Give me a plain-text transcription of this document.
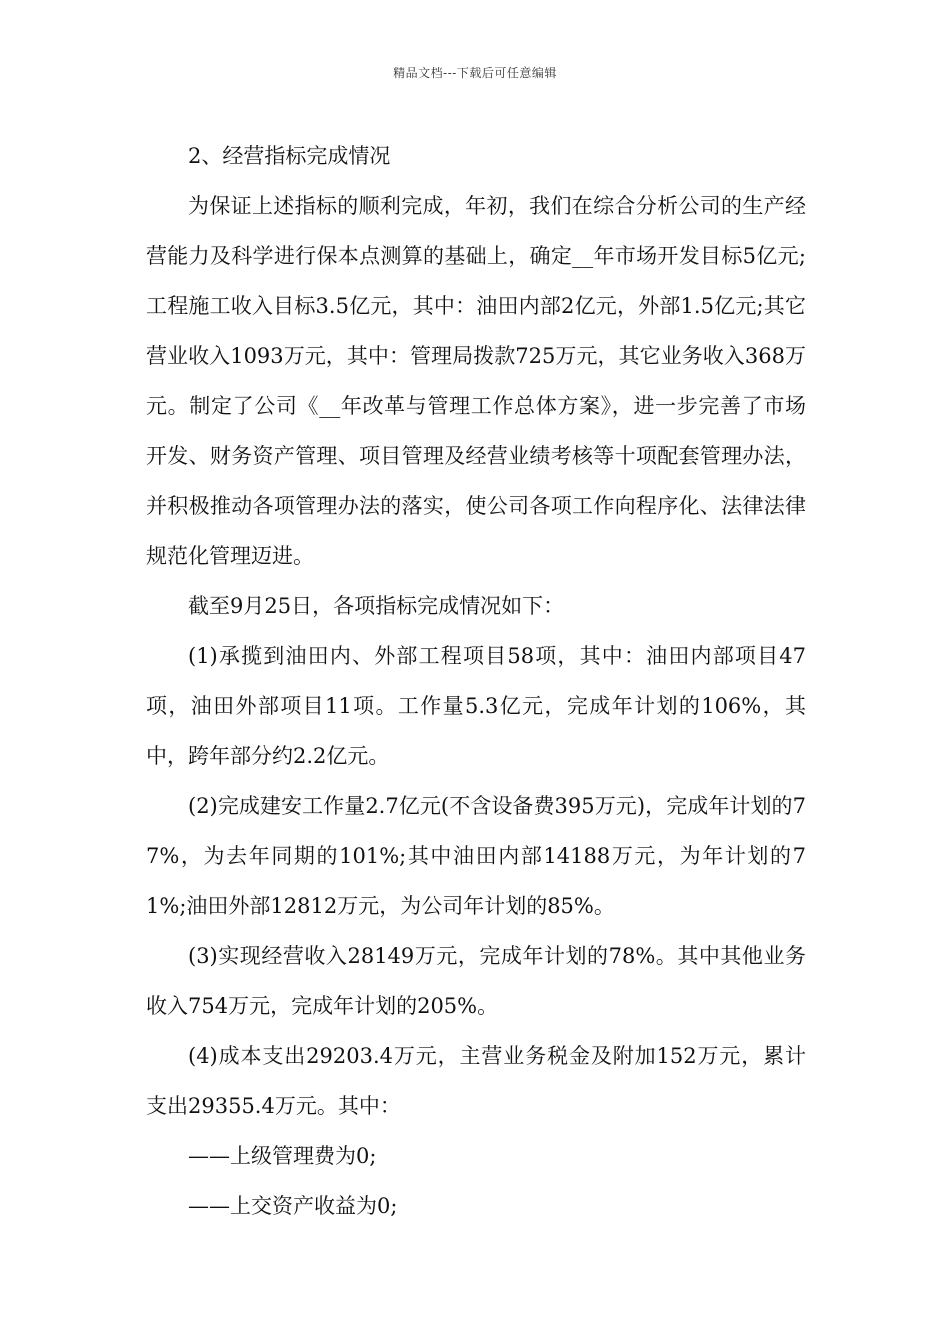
精品文档---下载后可任意编辑

2、经营指标完成情况

为保证上述指标的顺利完成，年初，我们在综合分析公司的生产经营能力及科学进行保本点测算的基础上，确定__年市场开发目标5亿元;工程施工收入目标3.5亿元，其中：油田内部2亿元，外部1.5亿元;其它营业收入1093万元，其中：管理局拨款725万元，其它业务收入368万元。制定了公司《__年改革与管理工作总体方案》，进一步完善了市场开发、财务资产管理、项目管理及经营业绩考核等十项配套管理办法，并积极推动各项管理办法的落实，使公司各项工作向程序化、法律法律规范化管理迈进。

截至9月25日，各项指标完成情况如下：

(1)承揽到油田内、外部工程项目58项，其中：油田内部项目47项，油田外部项目11项。工作量5.3亿元，完成年计划的106%，其中，跨年部分约2.2亿元。

(2)完成建安工作量2.7亿元(不含设备费395万元)，完成年计划的77%，为去年同期的101%;其中油田内部14188万元，为年计划的71%;油田外部12812万元，为公司年计划的85%。

(3)实现经营收入28149万元，完成年计划的78%。其中其他业务收入754万元，完成年计划的205%。

(4)成本支出29203.4万元，主营业务税金及附加152万元，累计支出29355.4万元。其中：

——上级管理费为0;

——上交资产收益为0;
